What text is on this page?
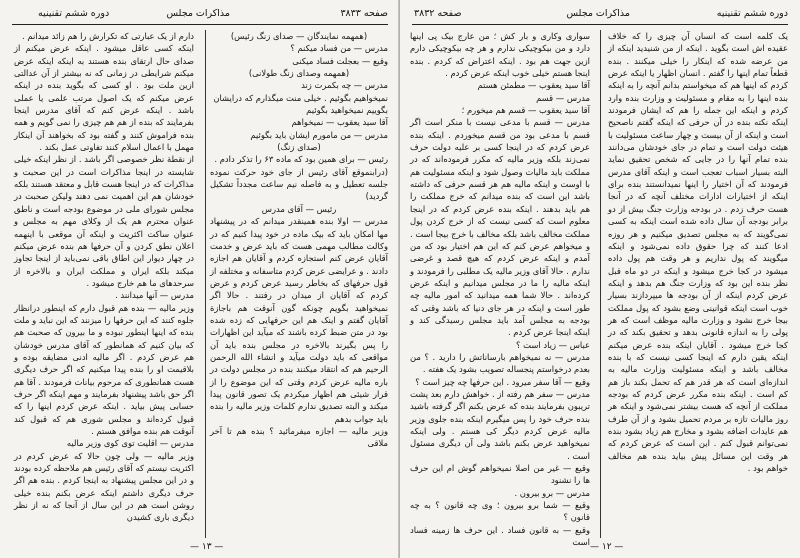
صفحه ۳۸۳۳
مذاکرات مجلس
دوره ششم تقنینیه

(همهمه نمایندگان — صدای زنگ رئیس)

مدرس — من فساد میکنم ؟

وقیع — بعجلت فساد میکنی

(همهمه وصدای زنگ طولانی)

مدرس — چه بکمرت زند

نمیخواهیم بگوئیم . خیلی منت میگذارم که درایشان

بگوییم نمیخواهید بگوئیم

آقا سید یعقوب — نمیخواهم

مدرس — من مامورم ایشان باید بگوئیم

(صدای زنگ)

رئیس — برای همین بود که ماده ۶۳ را تذکر دادم .

(درابنموقع آقای رئیس از جای خود حرکت نموده جلسه تعطیل و به فاصله نیم ساعت مجدداً تشکیل گردید)

رئیس — آقای مدرس

مدرس — اولا بنده همینقدر میدانم که در پیشنهاد مها امکان باید که بیک ماده در خود پیدا کنیم که در وکالت مطالب مهمی هست که باید عرض و خدمت آقایان عرض کنم استجازه کردم و آقایان هم اجازه دادند . و عرایضی عرض کردم متاسفانه و مختلفه از قول حرفهای که بخاطر رسید عرض کردم و عرض کردم که آقایان از میدان در رفتند . حالا اگر نمیخواهید بگویم چونکه گون آنوقت هم باجازة آقایان گفتم و اینک هم این حرفهایی که زده شده بود در متن ضبط کرده باشند که میآید این اظهارات را پس بگیرند بالاخره در مجلس بنده باید آن مواقعی که باید دولت میآید و انشاء الله الرحمن الرحیم هم که انتقاد میکنند بنده در مجلس دولت در باره مالیه عرض کردم وقتی که این موضوع را از قرار شیئی هم اظهار میکردم یک تصور قانون پیدا میکند و البته تصدیق ندارم کلمات وزیر مالیه را بنده باید جواب بدهم

وزیر مالیه — اجازه میفرمائید ؟ بنده هم تا آخر ملاقی

دارم از یک عبارتی که تکرارش را هم زائد میدانم .

اینکه کسی عاقل میشود . اینکه عرض میکنم از صدای حال ارتقای بنده هستند به اینکه اینکه عرض میکنم شرایطی در زمانی که نه بیشتر از آن عدالتی ازین ملت بود . او کسی که بگوید بنده در اینکه عرض میکنم که یک اصول مرتب علمی یا عملی باشد . اینکه عرض کنم که آقای مدرس اینجا بفرمایند که بنده از هم هم چیزی را نمی گویم و همه بنده فراموش کنند و گفته بود که بخواهند آن اینکار مهمل با اعمال اسلام کنند تفاوتی عمل بکند .

از نقطة نظر خصوصی اگر باشد . از نظر اینکه خیلی شایسته در اینجا مذاکرات است در این صحبت و مذاکرات که در اینجا هست قابل و معتقد هستند بلکه خودشان هم این اهمیت نمی دهند ولیکن صحبت در مجلس شورای ملی در موضوع بودجه است و ناطق عنوان محترم هم یک از وکلای مهم به مجلس و عنوان ساکت اکثریت و اینکه آن موقعی با اینهمه اعلان نطق کردن و آن حرفها هم بنده عرض میکنم در چهار دیوار این اطاق باقی نمی‌باید از اینجا تجاوز میکند بلکه ایران و مملکت ایران و بالاخره از سرحدهای ما هم خارج میشود .

مدرس — آنها میدانند .

وزیر مالیه — بنده هم قبول دارم که اینطور درانظار جلوه کنند که این حرفها را میزنند که این نباید و ملت بنده که اینها اینطور نبوده و ما بیرون که صحبت هم که بیان کنیم که همانطور که آقای مدرس خودشان هم عرض کردم . اگر مالیه ادنی مضایقه بوده و بلاقیمت او را بنده پیدا میکنیم که اگر حرف دیگری هست همانطوری که مرحوم بیانات فرمودند . آقا هم اگر حق باشد پیشنهاد بفرمایند و مهم اینکه اگر حرف حسابی پیش بیاید . اینکه عرض کردم اینها را که قبول کرده‌اند و مجلس شوری هم که قبول کند آنوقت هم بنده موافق هستم .

مدرس — اقلیت توی کوی وزیر مالیه

وزیر مالیه — ولی چون حالا که عرض کردم در اکثریت نیستم که آقای رئیس هم ملاحظه کرده بودند و در این مجلس پیشنهاد به اینجا کردم . بنده هم اگر حرف دیگری داشتم اینکه عرض بکنم بنده خیلی روشن است هم در این سال از آنجا که نه از نظر دیگری باری کشیدن

— ۱۳ —
دوره ششم تقنینیه
مذاکرات مجلس
صفحه ۳۸۳۲

یک کلمه است که انسان آن چیزی را که خلاف عقیده اش است بگوید . اینکه از من شنیدید اینکه از من عرضه شده که اینکار را خیلی میکنند . بنده قطعاً تمام اینها را گفتم . انسان اظهار یا اینکه عرض کردم که اینها هم که میخواستم بدانم آنچه را به اینکه بنده اینها را به مقام و مسئولیت و وزارت بنده وارد کردم و اینکه این جمله را هم که ایشان فرمودند اینکه نکته بنده در آن حرفی که اینکه گفتم ناصحیح است و اینکه از آن بیست و چهار ساعت مسئولیت با هیئت دولت است و تمام در جای خودشان می‌دانند بنده تمام آنها را در جایی که شخص تحقیق نماید البته بسیار اسباب تعجب است و اینکه آقای مدرس فرمودند که آن اختیار را اینها نمیدانستند بنده برای اینکه از اختیارات ادارات مختلف آنچه که در آنجا هست حرف زدم . در بودجه وزارت جنگ بیش از دو برابر بودجه آن سال داده شده است اینکه به کسی نمی‌گویند که به مجلس تصدیق میکنیم و هر روزه ادعا کنند که چرا حقوق داده نمی‌شود و اینکه میگویند که پول نداریم و هر وقت هم پول داده میشود در کجا خرج میشود و اینکه در دو ماه قبل نظر بنده این بود که وزارت جنگ هم بدهد و اینکه عرض کردم اینکه از آن بودجه ها میپردازند بسیار خوب است اینکه قوانینی وضع بشود که پول مملکت بیجا خرج نشود و وزارت مالیه موظف است که هر پولی را به اندازه قانونی بدهد و تحقیق بکند که در کجا خرج میشود . آقایان اینکه بنده عرض میکنم اینکه یقین دارم که اینجا کسی نیست که با بنده مخالف باشد و اینکه مسئولیت وزارت مالیه به اندازه‌ای است که هر قدر هم که تحمل بکند باز هم کم است . اینکه بنده مکرر عرض کردم که بودجه مملکت از آنچه که هست بیشتر نمی‌شود و اینکه هر روز مالیات تازه بر مردم تحمیل بشود و از آن طرف هم عایدات اضافه بشود و مخارج هم زیاد بشود بنده نمی‌توانم قبول کنم . این است که عرض کردم که هر وقت این مسائل پیش بیاید بنده هم مخالف خواهم بود .

سواری وکاری و بار کش ؛ من عارج بیک پی اینها دارد و من بیکوچیکی ندارم و هر چه بیکوچیکی دارم ازین جهت هم بود . اینکه اعتراض که کردم . بنده اینجا هستم خیلی خوب اینکه عرض کردم .

آقا سید یعقوب — مطمئن هستم

مدرس — قسم

آقا سید یعقوب — قسم هم میخورم ؛

مدرس — قسم با مدعی نیست با منکر است اگر قسم با مدعی بود من قسم میخوردم . اینکه بنده عرض کردم که در اینجا کسی بر علیه دولت حرف نمی‌زند بلکه وزیر مالیه که مکرر فرموده‌اند که در مملکت باید مالیات وصول شود و اینکه مسئولیت هم با اوست و اینکه مالیه هم هر قسم حرفی که داشته باشد این است که بنده میدانم که خرج مملکت را هم باید بدهند . اینکه بنده عرض کردم که در اینجا معلوم است که کسی نیست که از خرج کردن پول مملکت مخالف باشد بلکه مخالف با خرج بیجا است . و میخواهم عرض کنم که این هم اختیار بود که من آمدم و اینکه عرض کردم که هیچ قصد و غرضی ندارم . حالا آقای وزیر مالیه یک مطلبی را فرمودند و اینکه مالیه را ما در مجلس میدانیم و اینکه عرض کرده‌اند . حالا شما همه میدانید که امور مالیه چه طور است و اینکه در هر جای دنیا که باشد وقتی که بودجه به مجلس آمد باید مجلس رسیدگی کند و اینکه اینجا عرض کردم .

عباس — زیاد است ؟

مدرس — نه نمیخواهم بارساناتش را دارید . ؟ من بعدم درخواستم پنجساله تصویب بشود یک هفته .

وقیع — آقا سفر میرود . این حرفها چه چیز است ؟

مدرس — سفر هم رفته از . خواهش دارم بعد پشت تریبون بفرمایند بنده که عرض بکنم اگر گرفته باشید بنده حرف خود را پس میگیرم اینکه بنده جلوی وزیر مالیه عرض کردم دیگر کی هستم . ولی اینکه نمیخواهید عرض بکنم باشد ولی آن دیگری مسئول است .

وقیع — غیر من اصلا نمیخواهم گوش ام این حرف ها را نشنود

مدرس — برو بیرون .

وقیع — شما برو بیرون ؛ وی چه قانون ؟ به چه قانون ؟

وقیع — به قانون فساد . این حرف ها زمینه فساد است — ۱۲ —
